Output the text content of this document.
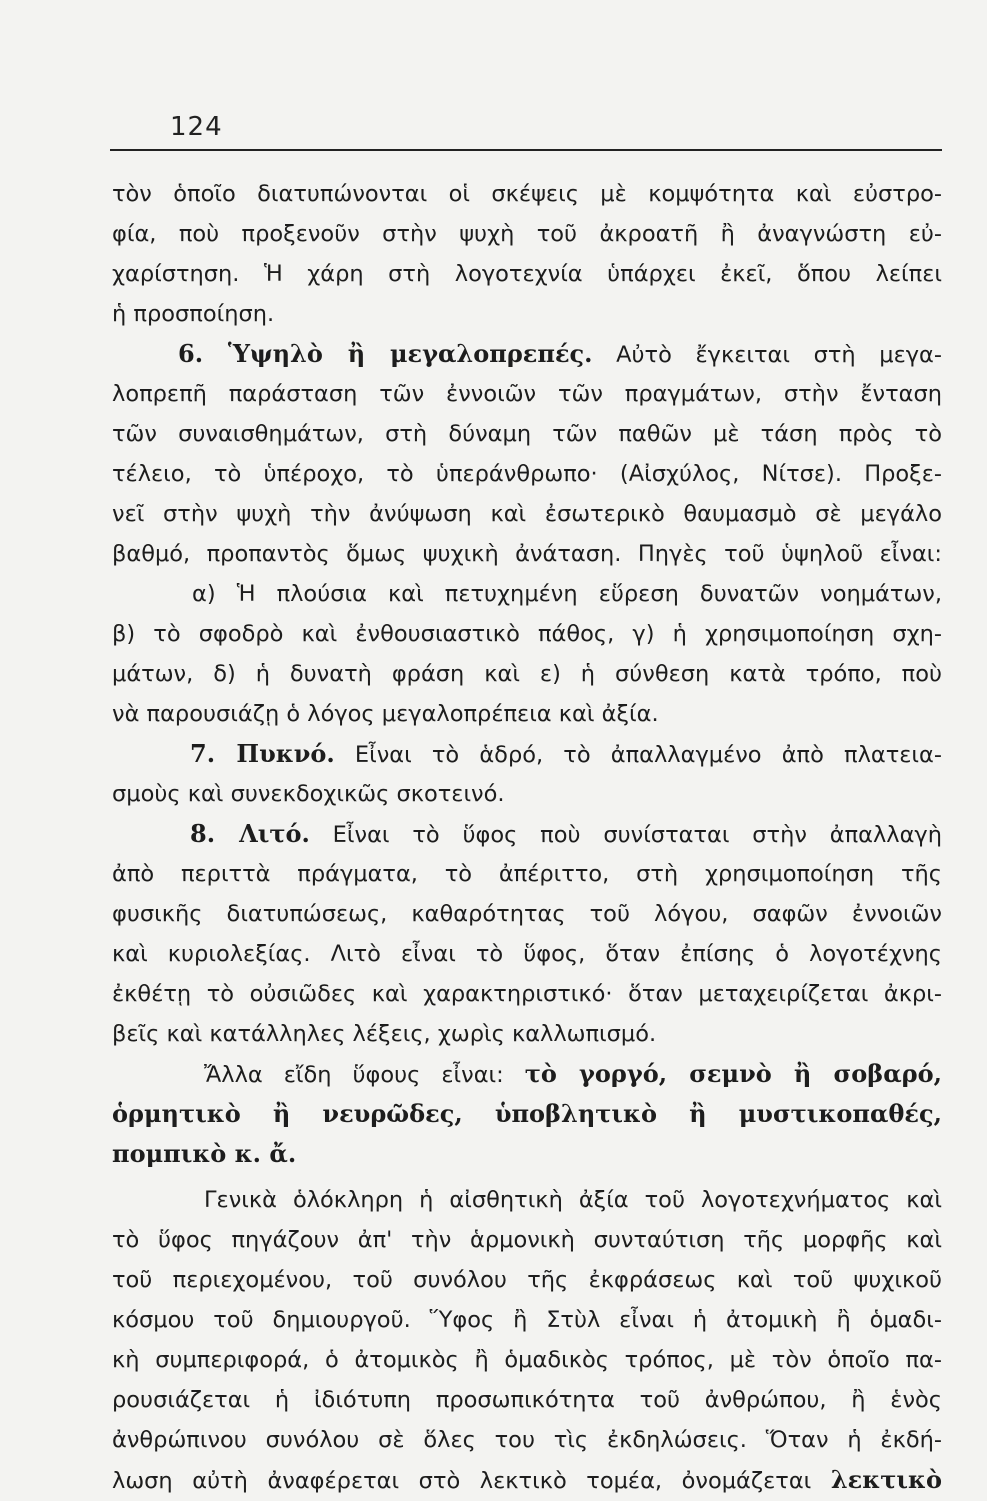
124
τὸν ὁποῖο διατυπώνονται οἱ σκέψεις μὲ κομψότητα καὶ εὐστρο-
φία, ποὺ προξενοῦν στὴν ψυχὴ τοῦ ἀκροατῆ ἢ ἀναγνώστη εὐ-
χαρίστηση. Ἡ χάρη στὴ λογοτεχνία ὑπάρχει ἐκεῖ, ὅπου λείπει
ἡ προσποίηση.
6. Ὑψηλὸ ἢ μεγαλοπρεπές. Αὐτὸ ἔγκειται στὴ μεγα-
λοπρεπῆ παράσταση τῶν ἐννοιῶν τῶν πραγμάτων, στὴν ἔνταση
τῶν συναισθημάτων, στὴ δύναμη τῶν παθῶν μὲ τάση πρὸς τὸ
τέλειο, τὸ ὑπέροχο, τὸ ὑπεράνθρωπο· (Αἰσχύλος, Νίτσε). Προξε-
νεῖ στὴν ψυχὴ τὴν ἀνύψωση καὶ ἐσωτερικὸ θαυμασμὸ σὲ μεγάλο
βαθμό, προπαντὸς ὅμως ψυχικὴ ἀνάταση. Πηγὲς τοῦ ὑψηλοῦ εἶναι:
α) Ἡ πλούσια καὶ πετυχημένη εὕρεση δυνατῶν νοημάτων,
β) τὸ σφοδρὸ καὶ ἐνθουσιαστικὸ πάθος, γ) ἡ χρησιμοποίηση σχη-
μάτων, δ) ἡ δυνατὴ φράση καὶ ε) ἡ σύνθεση κατὰ τρόπο, ποὺ
νὰ παρουσιάζῃ ὁ λόγος μεγαλοπρέπεια καὶ ἀξία.
7. Πυκνό. Εἶναι τὸ ἁδρό, τὸ ἀπαλλαγμένο ἀπὸ πλατεια-
σμοὺς καὶ συνεκδοχικῶς σκοτεινό.
8. Λιτό. Εἶναι τὸ ὕφος ποὺ συνίσταται στὴν ἀπαλλαγὴ
ἀπὸ περιττὰ πράγματα, τὸ ἀπέριττο, στὴ χρησιμοποίηση τῆς
φυσικῆς διατυπώσεως, καθαρότητας τοῦ λόγου, σαφῶν ἐννοιῶν
καὶ κυριολεξίας. Λιτὸ εἶναι τὸ ὕφος, ὅταν ἐπίσης ὁ λογοτέχνης
ἐκθέτῃ τὸ οὐσιῶδες καὶ χαρακτηριστικό· ὅταν μεταχειρίζεται ἀκρι-
βεῖς καὶ κατάλληλες λέξεις, χωρὶς καλλωπισμό.
Ἄλλα εἴδη ὕφους εἶναι: τὸ γοργό, σεμνὸ ἢ σοβαρό,
ὁρμητικὸ ἢ νευρῶδες, ὑποβλητικὸ ἢ μυστικοπαθές,
πομπικὸ κ. ἄ.
Γενικὰ ὁλόκληρη ἡ αἰσθητικὴ ἀξία τοῦ λογοτεχνήματος καὶ
τὸ ὕφος πηγάζουν ἀπ' τὴν ἁρμονικὴ συνταύτιση τῆς μορφῆς καὶ
τοῦ περιεχομένου, τοῦ συνόλου τῆς ἐκφράσεως καὶ τοῦ ψυχικοῦ
κόσμου τοῦ δημιουργοῦ. Ὕφος ἢ Στὺλ εἶναι ἡ ἀτομικὴ ἢ ὁμαδι-
κὴ συμπεριφορά, ὁ ἀτομικὸς ἢ ὁμαδικὸς τρόπος, μὲ τὸν ὁποῖο πα-
ρουσιάζεται ἡ ἰδιότυπη προσωπικότητα τοῦ ἀνθρώπου, ἢ ἑνὸς
ἀνθρώπινου συνόλου σὲ ὅλες του τὶς ἐκδηλώσεις. Ὅταν ἡ ἐκδή-
λωση αὐτὴ ἀναφέρεται στὸ λεκτικὸ τομέα, ὀνομάζεται λεκτικὸ
